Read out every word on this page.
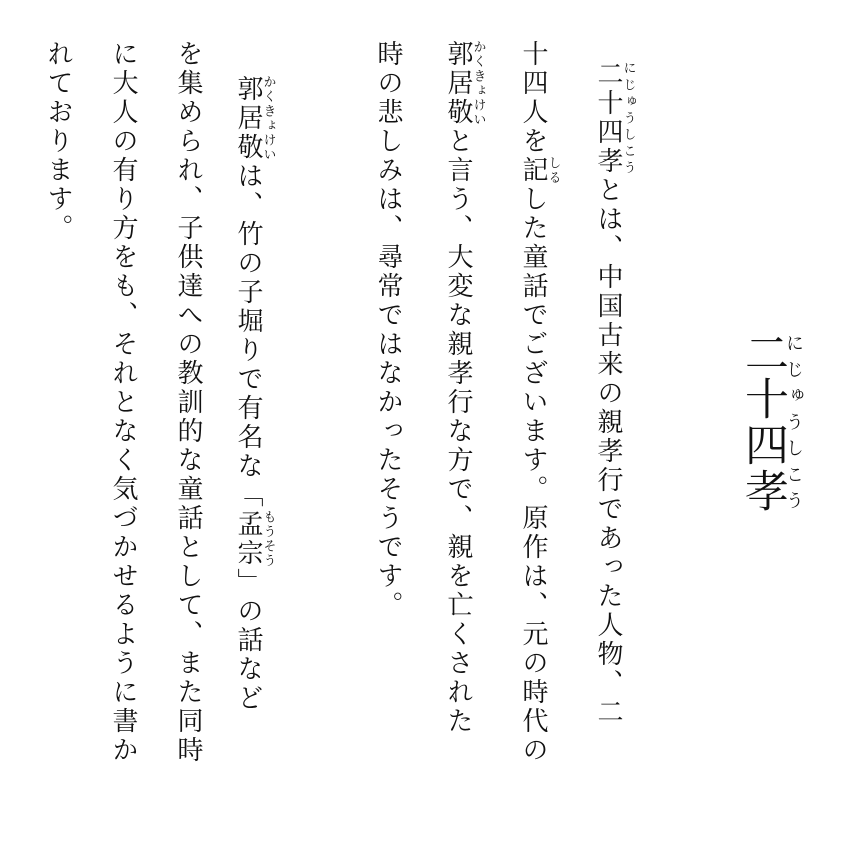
二十四孝にじゅうしこう
二十四孝にじゅうしこうとは、中国古来の親孝行であった人物、二
十四人を記しるした童話でございます。原作は、元の時代の
郭居敬かくきょけいと言う、大変な親孝行な方で、親を亡くされた
時の悲しみは、尋常ではなかったそうです。
郭居敬かくきょけいは、竹の子堀りで有名な「孟宗もうそう」の話など
を集められ、子供達への教訓的な童話として、また同時
に大人の有り方をも、それとなく気づかせるように書か
れております。
